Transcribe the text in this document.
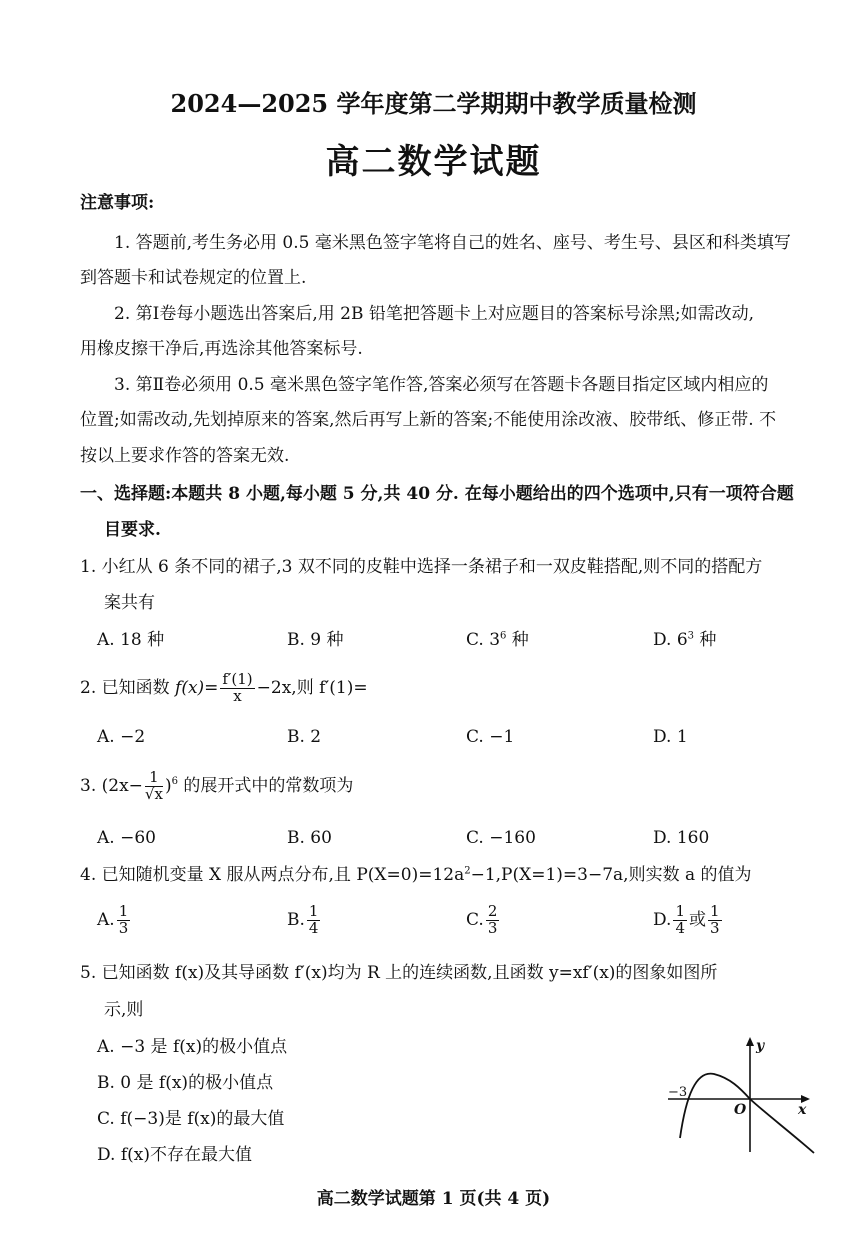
2024—2025 学年度第二学期期中教学质量检测
高二数学试题
注意事项:
1. 答题前,考生务必用 0.5 毫米黑色签字笔将自己的姓名、座号、考生号、县区和科类填写
到答题卡和试卷规定的位置上.
2. 第Ⅰ卷每小题选出答案后,用 2B 铅笔把答题卡上对应题目的答案标号涂黑;如需改动,
用橡皮擦干净后,再选涂其他答案标号.
3. 第Ⅱ卷必须用 0.5 毫米黑色签字笔作答,答案必须写在答题卡各题目指定区域内相应的
位置;如需改动,先划掉原来的答案,然后再写上新的答案;不能使用涂改液、胶带纸、修正带. 不
按以上要求作答的答案无效.
一、选择题:本题共 8 小题,每小题 5 分,共 40 分. 在每小题给出的四个选项中,只有一项符合题
目要求.
1. 小红从 6 条不同的裙子,3 双不同的皮鞋中选择一条裙子和一双皮鞋搭配,则不同的搭配方
案共有
A. 18 种	B. 9 种	C. $3^6$ 种	D. $6^3$ 种
2. 已知函数 $f(x)= \frac{f'(1)}{x} -2x$,则 f′(1)=
A. −2	B. 2	C. −1	D. 1
3. $(2x- \frac{1}{√x} )^6$ 的展开式中的常数项为
A. −60	B. 60	C. −160	D. 160
4. 已知随机变量 X 服从两点分布,且 $P(X=0)=12a^2-1,P(X=1)=3-7a$,则实数 a 的值为
A. $\frac{1}{3}$	B. $\frac{1}{4}$	C. $\frac{2}{3}$	D. $\frac{1}{4}$ 或 $\frac{1}{3}$
5. 已知函数 f(x)及其导函数 f′(x)均为 R 上的连续函数,且函数 y=xf′(x)的图象如图所
示,则
A. −3 是 f(x)的极小值点
B. 0 是 f(x)的极小值点
C. f(−3)是 f(x)的最大值
D. f(x)不存在最大值
y
x
O
−3
高二数学试题第 1 页(共 4 页)
